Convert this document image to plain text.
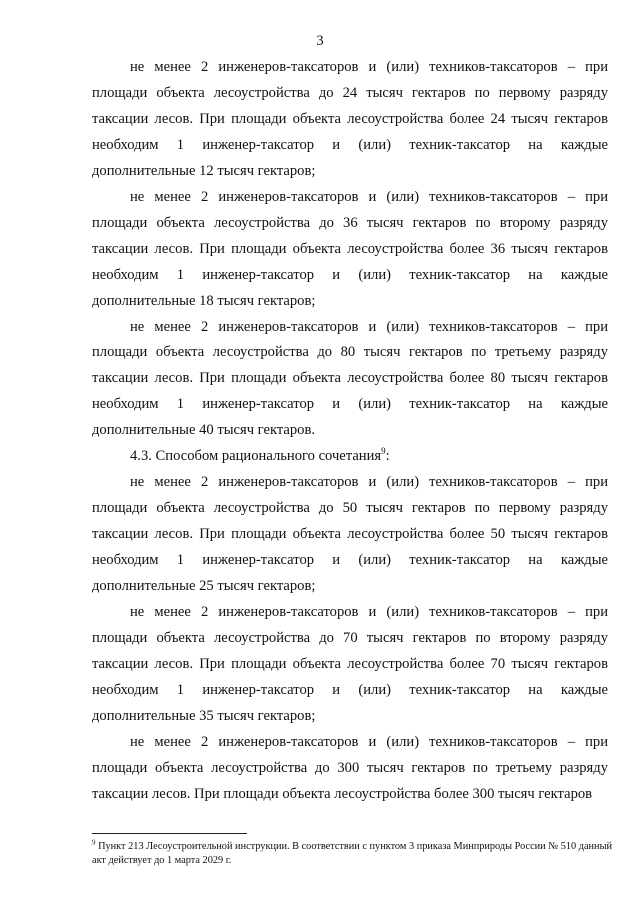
3

не менее 2 инженеров-таксаторов и (или) техников-таксаторов – при площади объекта лесоустройства до 24 тысяч гектаров по первому разряду таксации лесов. При площади объекта лесоустройства более 24 тысяч гектаров необходим 1 инженер-таксатор и (или) техник-таксатор на каждые дополнительные 12 тысяч гектаров;

не менее 2 инженеров-таксаторов и (или) техников-таксаторов – при площади объекта лесоустройства до 36 тысяч гектаров по второму разряду таксации лесов. При площади объекта лесоустройства более 36 тысяч гектаров необходим 1 инженер-таксатор и (или) техник-таксатор на каждые дополнительные 18 тысяч гектаров;

не менее 2 инженеров-таксаторов и (или) техников-таксаторов – при площади объекта лесоустройства до 80 тысяч гектаров по третьему разряду таксации лесов. При площади объекта лесоустройства более 80 тысяч гектаров необходим 1 инженер-таксатор и (или) техник-таксатор на каждые дополнительные 40 тысяч гектаров.

4.3. Способом рационального сочетания$^9$:

не менее 2 инженеров-таксаторов и (или) техников-таксаторов – при площади объекта лесоустройства до 50 тысяч гектаров по первому разряду таксации лесов. При площади объекта лесоустройства более 50 тысяч гектаров необходим 1 инженер-таксатор и (или) техник-таксатор на каждые дополнительные 25 тысяч гектаров;

не менее 2 инженеров-таксаторов и (или) техников-таксаторов – при площади объекта лесоустройства до 70 тысяч гектаров по второму разряду таксации лесов. При площади объекта лесоустройства более 70 тысяч гектаров необходим 1 инженер-таксатор и (или) техник-таксатор на каждые дополнительные 35 тысяч гектаров;

не менее 2 инженеров-таксаторов и (или) техников-таксаторов – при площади объекта лесоустройства до 300 тысяч гектаров по третьему разряду таксации лесов. При площади объекта лесоустройства более 300 тысяч гектаров

$^9$ Пункт 213 Лесоустроительной инструкции. В соответствии с пунктом 3 приказа Минприроды России № 510 данный акт действует до 1 марта 2029 г.
